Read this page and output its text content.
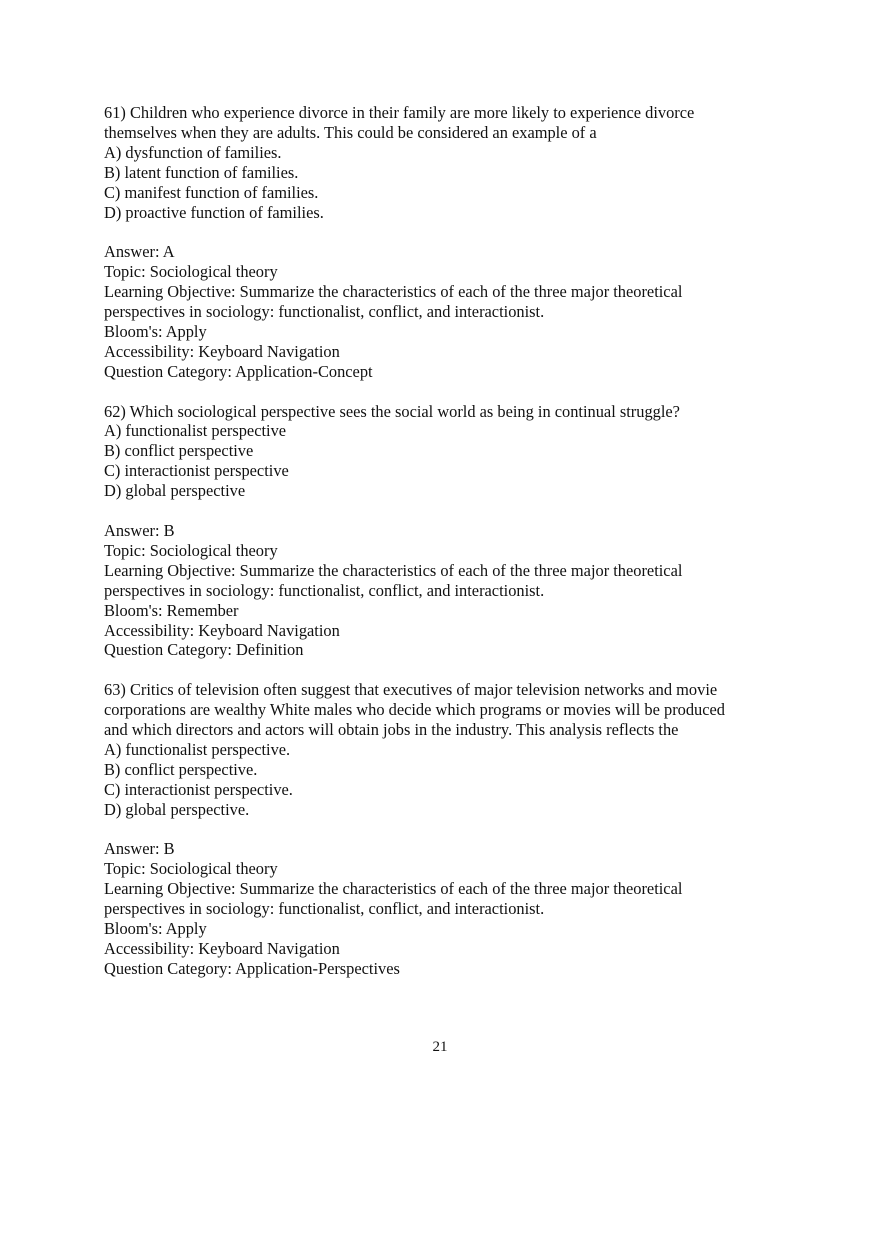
61) Children who experience divorce in their family are more likely to experience divorce
themselves when they are adults. This could be considered an example of a
A) dysfunction of families.
B) latent function of families.
C) manifest function of families.
D) proactive function of families.
Answer: A
Topic: Sociological theory
Learning Objective: Summarize the characteristics of each of the three major theoretical
perspectives in sociology: functionalist, conflict, and interactionist.
Bloom's: Apply
Accessibility: Keyboard Navigation
Question Category: Application-Concept
62) Which sociological perspective sees the social world as being in continual struggle?
A) functionalist perspective
B) conflict perspective
C) interactionist perspective
D) global perspective
Answer: B
Topic: Sociological theory
Learning Objective: Summarize the characteristics of each of the three major theoretical
perspectives in sociology: functionalist, conflict, and interactionist.
Bloom's: Remember
Accessibility: Keyboard Navigation
Question Category: Definition
63) Critics of television often suggest that executives of major television networks and movie
corporations are wealthy White males who decide which programs or movies will be produced
and which directors and actors will obtain jobs in the industry. This analysis reflects the
A) functionalist perspective.
B) conflict perspective.
C) interactionist perspective.
D) global perspective.
Answer: B
Topic: Sociological theory
Learning Objective: Summarize the characteristics of each of the three major theoretical
perspectives in sociology: functionalist, conflict, and interactionist.
Bloom's: Apply
Accessibility: Keyboard Navigation
Question Category: Application-Perspectives
21
